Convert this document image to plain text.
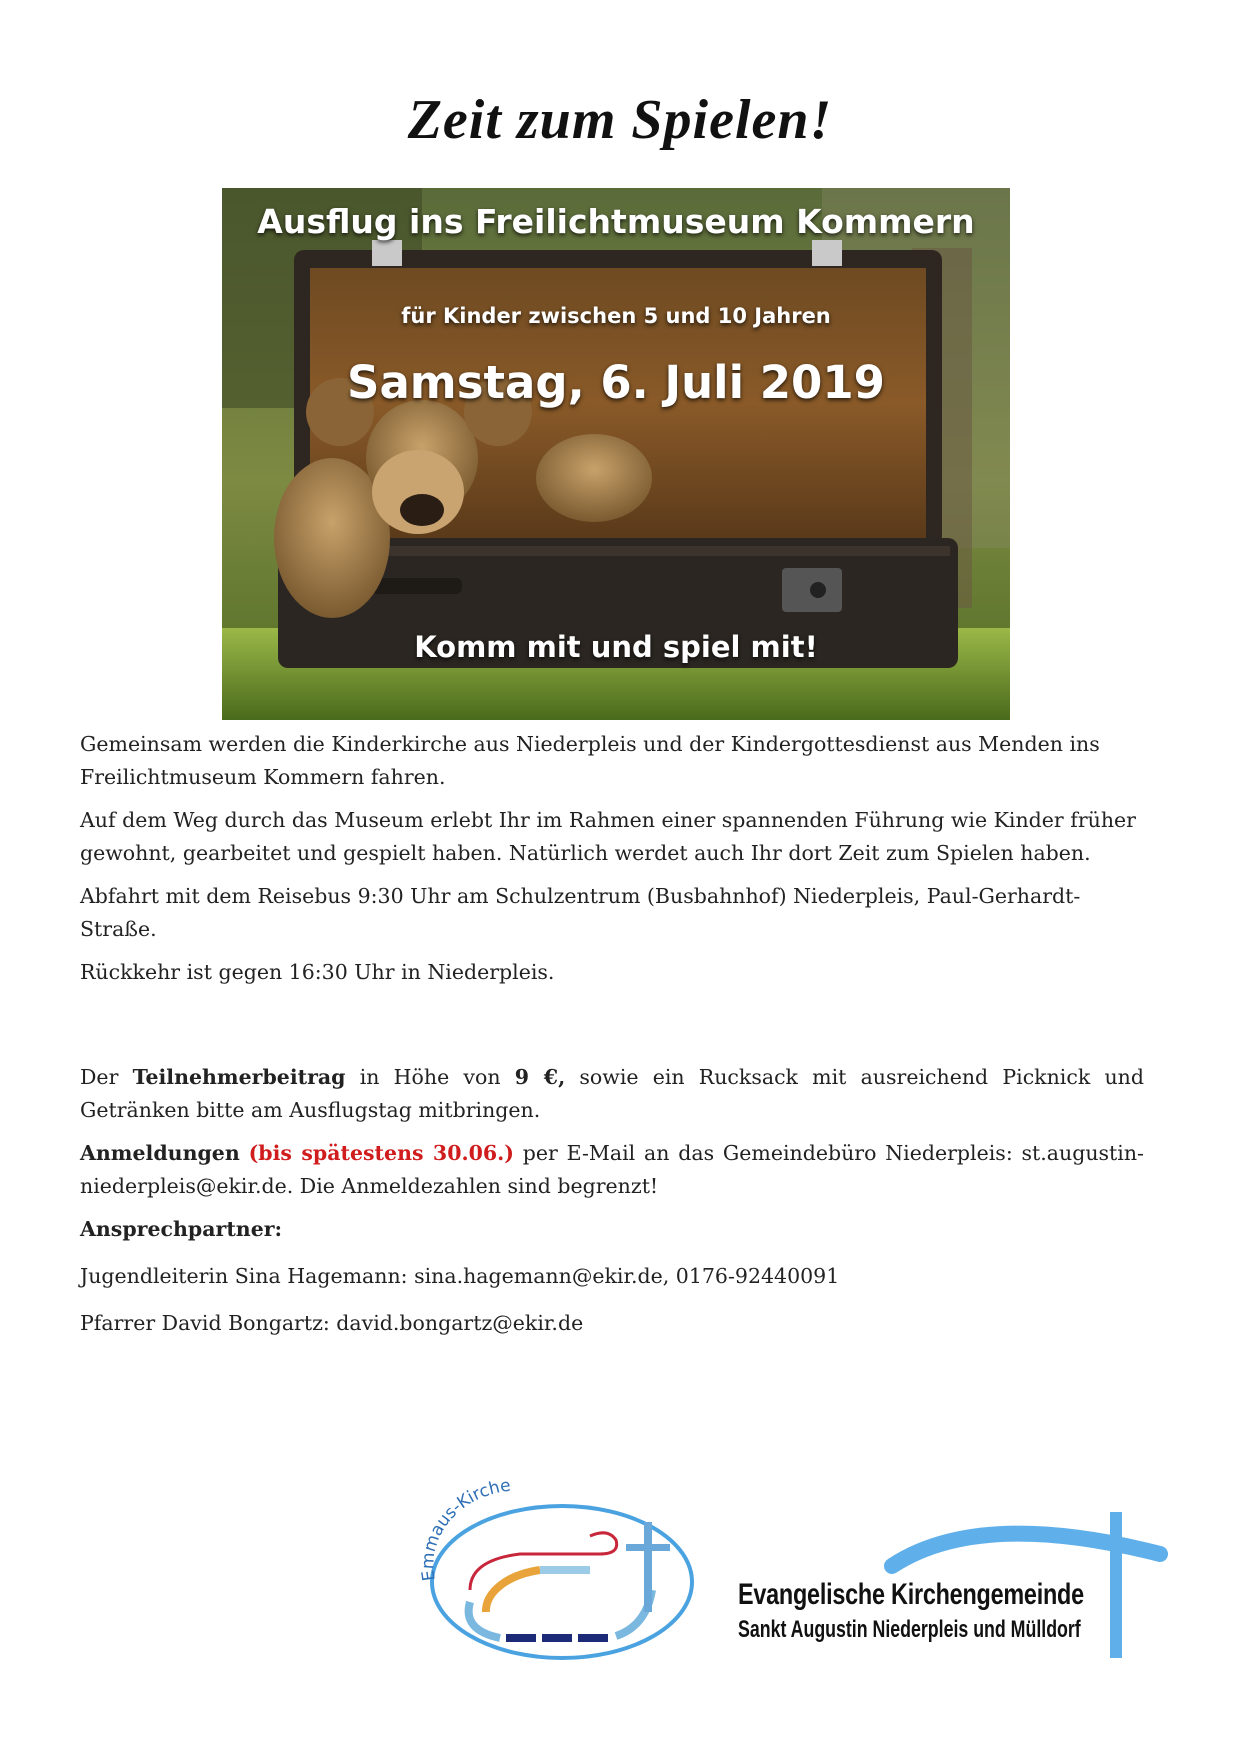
Zeit zum Spielen!
Ausflug ins Freilichtmuseum Kommern
für Kinder zwischen 5 und 10 Jahren
Samstag, 6. Juli 2019
Komm mit und spiel mit!

Gemeinsam werden die Kinderkirche aus Niederpleis und der Kindergottesdienst aus Menden ins Freilichtmuseum Kommern fahren.

Auf dem Weg durch das Museum erlebt Ihr im Rahmen einer spannenden Führung wie Kinder früher gewohnt, gearbeitet und gespielt haben. Natürlich werdet auch Ihr dort Zeit zum Spielen haben.

Abfahrt mit dem Reisebus 9:30 Uhr am Schulzentrum (Busbahnhof) Niederpleis, Paul-Gerhardt-Straße.

Rückkehr ist gegen 16:30 Uhr in Niederpleis.

Der Teilnehmerbeitrag in Höhe von 9 €, sowie ein Rucksack mit ausreichend Picknick und Getränken bitte am Ausflugstag mitbringen.

Anmeldungen (bis spätestens 30.06.) per E-Mail an das Gemeindebüro Niederpleis: st.augustin-niederpleis@ekir.de. Die Anmeldezahlen sind begrenzt!

Ansprechpartner:

Jugendleiterin Sina Hagemann: sina.hagemann@ekir.de, 0176-92440091

Pfarrer David Bongartz: david.bongartz@ekir.de

Emmaus-Kirche
Evangelische Kirchengemeinde
Sankt Augustin Niederpleis und Mülldorf
